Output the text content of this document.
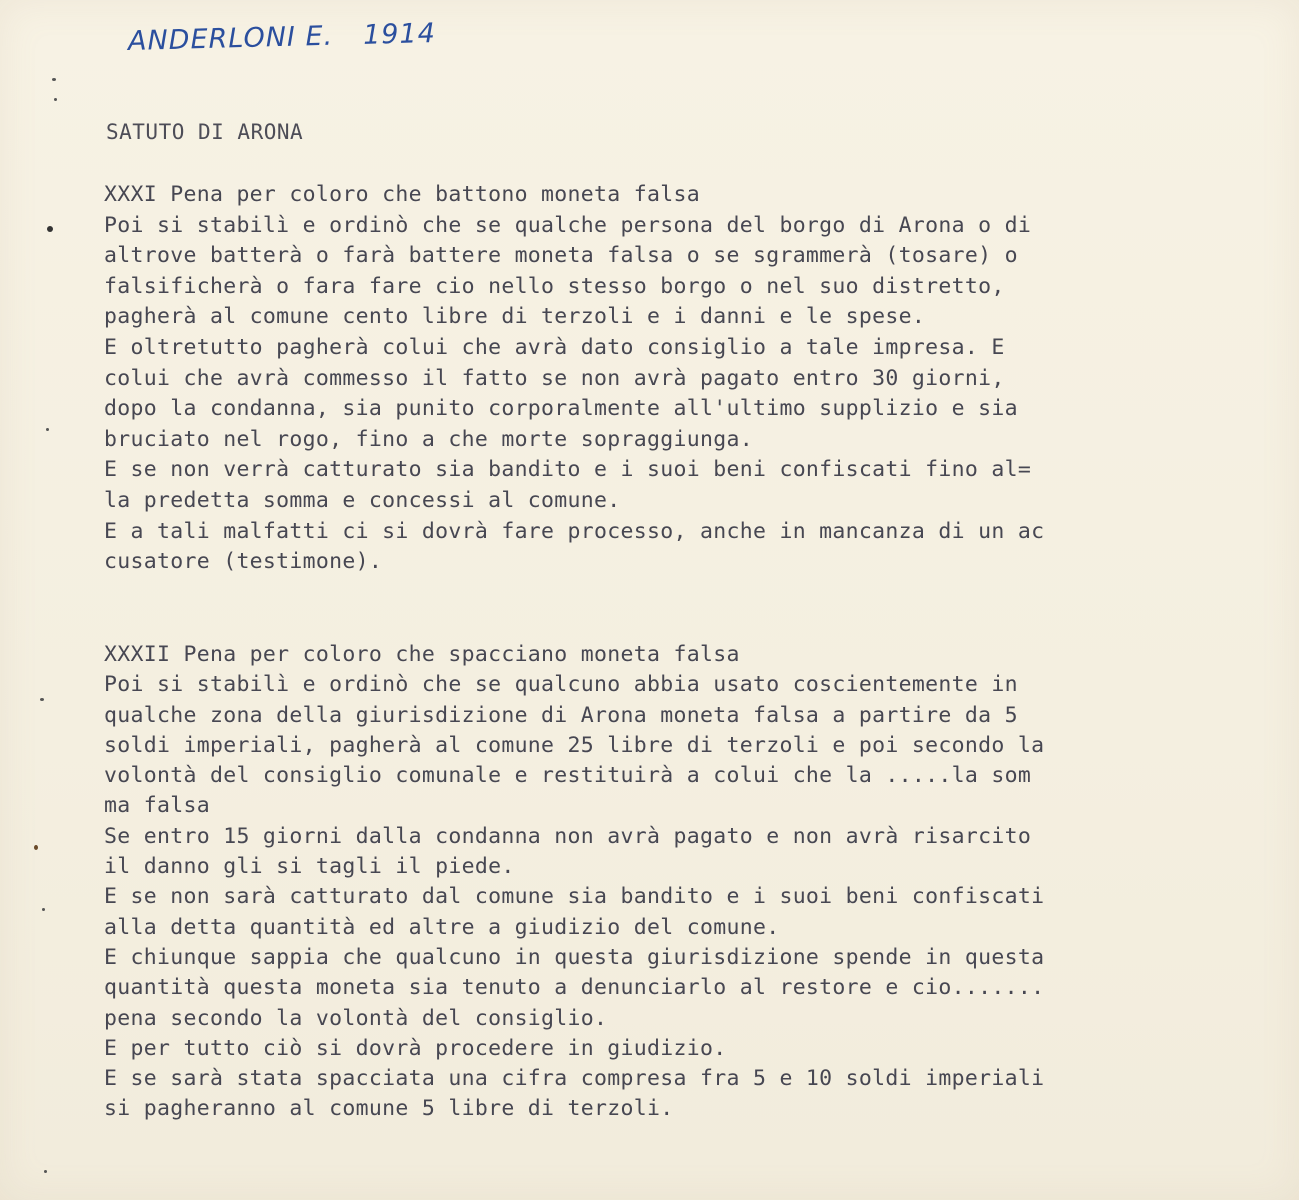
ANDERLONI E. 1914
SATUTO DI ARONA
XXXI Pena per coloro che battono moneta falsa
Poi si stabilì e ordinò che se qualche persona del borgo di Arona o di
altrove batterà o farà battere moneta falsa o se sgrammerà (tosare) o
falsificherà o fara fare cio nello stesso borgo o nel suo distretto,
pagherà al comune cento libre di terzoli e i danni e le spese.
E oltretutto pagherà colui che avrà dato consiglio a tale impresa. E
colui che avrà commesso il fatto se non avrà pagato entro 30 giorni,
dopo la condanna, sia punito corporalmente all'ultimo supplizio e sia
bruciato nel rogo, fino a che morte sopraggiunga.
E se non verrà catturato sia bandito e i suoi beni confiscati fino al=
la predetta somma e concessi al comune.
E a tali malfatti ci si dovrà fare processo, anche in mancanza di un ac
cusatore (testimone).
XXXII Pena per coloro che spacciano moneta falsa
Poi si stabilì e ordinò che se qualcuno abbia usato coscientemente in
qualche zona della giurisdizione di Arona moneta falsa a partire da 5
soldi imperiali, pagherà al comune 25 libre di terzoli e poi secondo la
volontà del consiglio comunale e restituirà a colui che la .....la som
ma falsa
Se entro 15 giorni dalla condanna non avrà pagato e non avrà risarcito
il danno gli si tagli il piede.
E se non sarà catturato dal comune sia bandito e i suoi beni confiscati
alla detta quantità ed altre a giudizio del comune.
E chiunque sappia che qualcuno in questa giurisdizione spende in questa
quantità questa moneta sia tenuto a denunciarlo al restore e cio.......
pena secondo la volontà del consiglio.
E per tutto ciò si dovrà procedere in giudizio.
E se sarà stata spacciata una cifra compresa fra 5 e 10 soldi imperiali
si pagheranno al comune 5 libre di terzoli.
